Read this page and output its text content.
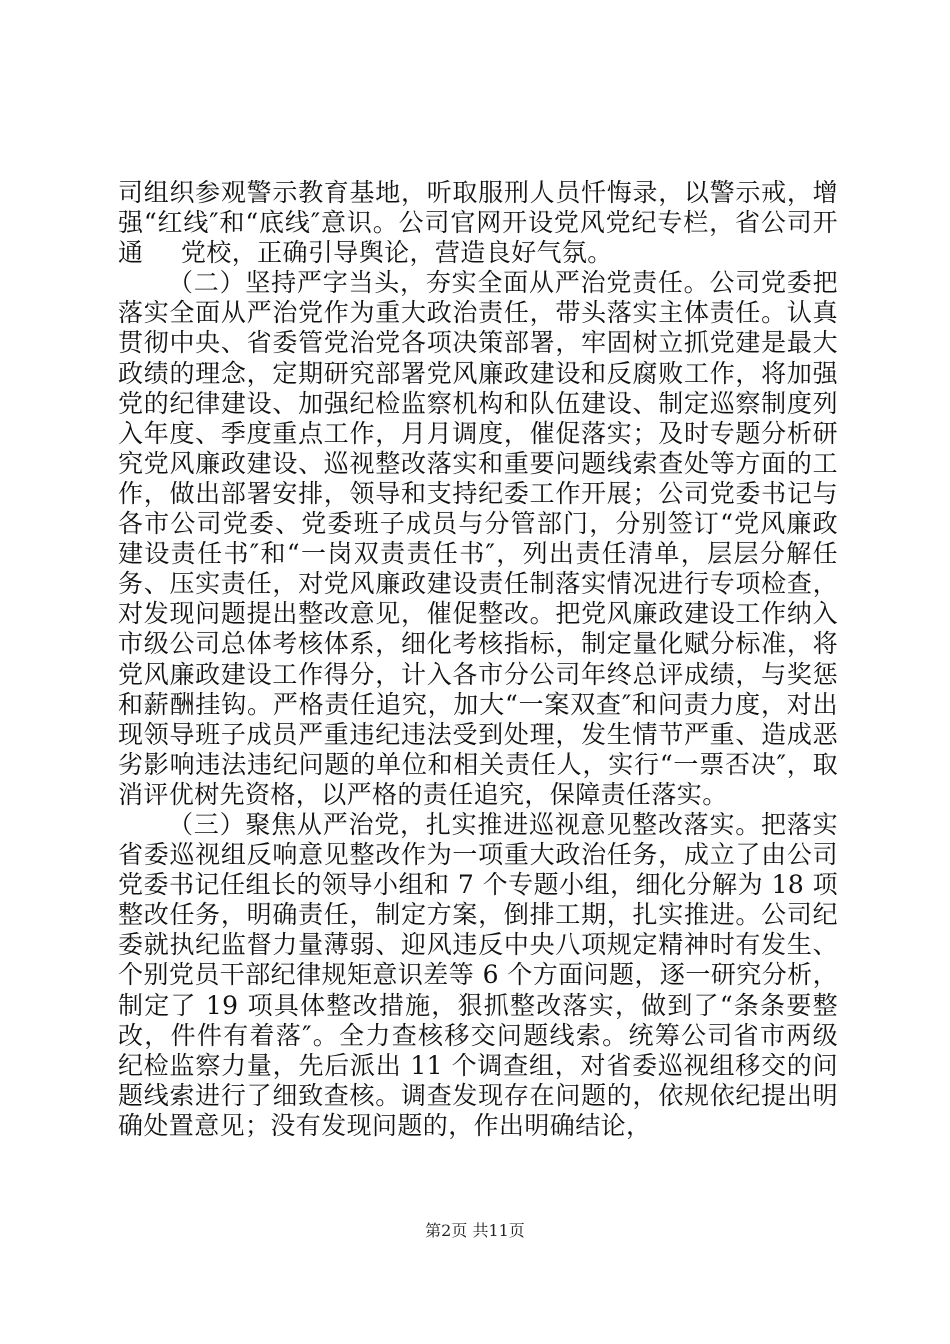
司组织参观警示教育基地，听取服刑人员忏悔录，以警示戒，增强“红线″和“底线″意识。公司官网开设党风党纪专栏，省公司开通 党校，正确引导舆论，营造良好气氛。

（二）坚持严字当头，夯实全面从严治党责任。公司党委把落实全面从严治党作为重大政治责任，带头落实主体责任。认真贯彻中央、省委管党治党各项决策部署，牢固树立抓党建是最大政绩的理念，定期研究部署党风廉政建设和反腐败工作，将加强党的纪律建设、加强纪检监察机构和队伍建设、制定巡察制度列入年度、季度重点工作，月月调度，催促落实；及时专题分析研究党风廉政建设、巡视整改落实和重要问题线索查处等方面的工作，做出部署安排，领导和支持纪委工作开展；公司党委书记与各市公司党委、党委班子成员与分管部门，分别签订“党风廉政建设责任书″和“一岗双责责任书″，列出责任清单，层层分解任务、压实责任，对党风廉政建设责任制落实情况进行专项检查，对发现问题提出整改意见，催促整改。把党风廉政建设工作纳入市级公司总体考核体系，细化考核指标，制定量化赋分标准，将党风廉政建设工作得分，计入各市分公司年终总评成绩，与奖惩和薪酬挂钩。严格责任追究，加大“一案双查″和问责力度，对出现领导班子成员严重违纪违法受到处理，发生情节严重、造成恶劣影响违法违纪问题的单位和相关责任人，实行“一票否决″，取消评优树先资格，以严格的责任追究，保障责任落实。

（三）聚焦从严治党，扎实推进巡视意见整改落实。把落实省委巡视组反响意见整改作为一项重大政治任务，成立了由公司党委书记任组长的领导小组和 7 个专题小组，细化分解为 18 项整改任务，明确责任，制定方案，倒排工期，扎实推进。公司纪委就执纪监督力量薄弱、迎风违反中央八项规定精神时有发生、个别党员干部纪律规矩意识差等 6 个方面问题，逐一研究分析，制定了 19 项具体整改措施，狠抓整改落实，做到了“条条要整改，件件有着落″。全力查核移交问题线索。统筹公司省市两级纪检监察力量，先后派出 11 个调查组，对省委巡视组移交的问题线索进行了细致查核。调查发现存在问题的，依规依纪提出明确处置意见；没有发现问题的，作出明确结论，

第2页 共11页
